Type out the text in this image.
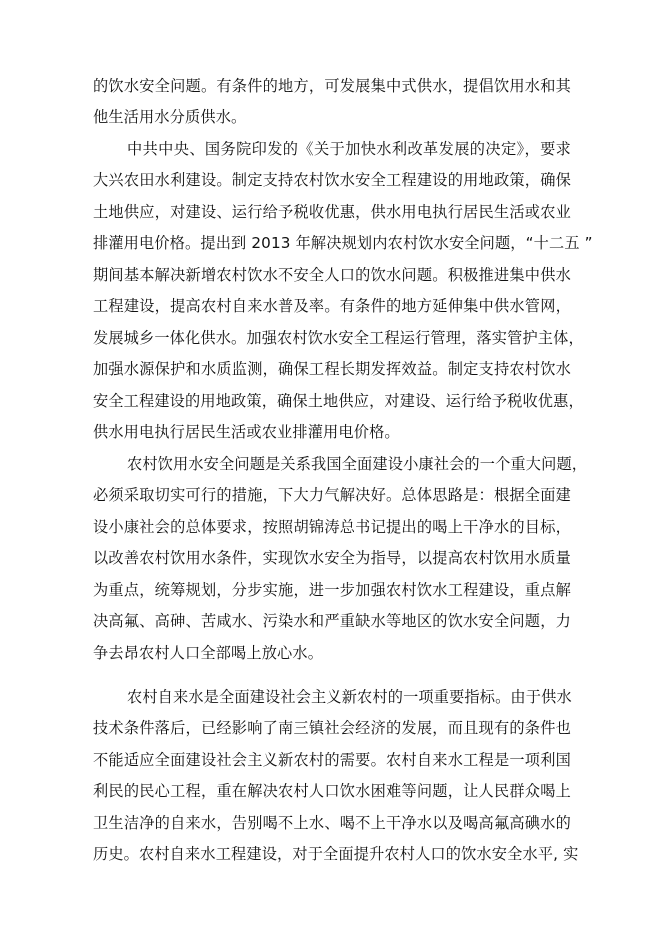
的饮水安全问题。有条件的地方，可发展集中式供水，提倡饮用水和其
他生活用水分质供水。
中共中央、国务院印发的《关于加快水利改革发展的决定》，要求
大兴农田水利建设。制定支持农村饮水安全工程建设的用地政策，确保
土地供应，对建设、运行给予税收优惠，供水用电执行居民生活或农业
排灌用电价格。提出到 2013 年解决规划内农村饮水安全问题，“十二五 ”
期间基本解决新增农村饮水不安全人口的饮水问题。积极推进集中供水
工程建设，提高农村自来水普及率。有条件的地方延伸集中供水管网，
发展城乡一体化供水。加强农村饮水安全工程运行管理，落实管护主体，
加强水源保护和水质监测，确保工程长期发挥效益。制定支持农村饮水
安全工程建设的用地政策，确保土地供应，对建设、运行给予税收优惠，
供水用电执行居民生活或农业排灌用电价格。
农村饮用水安全问题是关系我国全面建设小康社会的一个重大问题，
必须采取切实可行的措施，下大力气解决好。总体思路是：根据全面建
设小康社会的总体要求，按照胡锦涛总书记提出的喝上干净水的目标，
以改善农村饮用水条件，实现饮水安全为指导，以提高农村饮用水质量
为重点，统筹规划，分步实施，进一步加强农村饮水工程建设，重点解
决高氟、高砷、苦咸水、污染水和严重缺水等地区的饮水安全问题，力
争去昂农村人口全部喝上放心水。
农村自来水是全面建设社会主义新农村的一项重要指标。由于供水
技术条件落后，已经影响了南三镇社会经济的发展，而且现有的条件也
不能适应全面建设社会主义新农村的需要。农村自来水工程是一项利国
利民的民心工程，重在解决农村人口饮水困难等问题，让人民群众喝上
卫生洁净的自来水，告别喝不上水、喝不上干净水以及喝高氟高碘水的
历史。农村自来水工程建设，对于全面提升农村人口的饮水安全水平, 实
